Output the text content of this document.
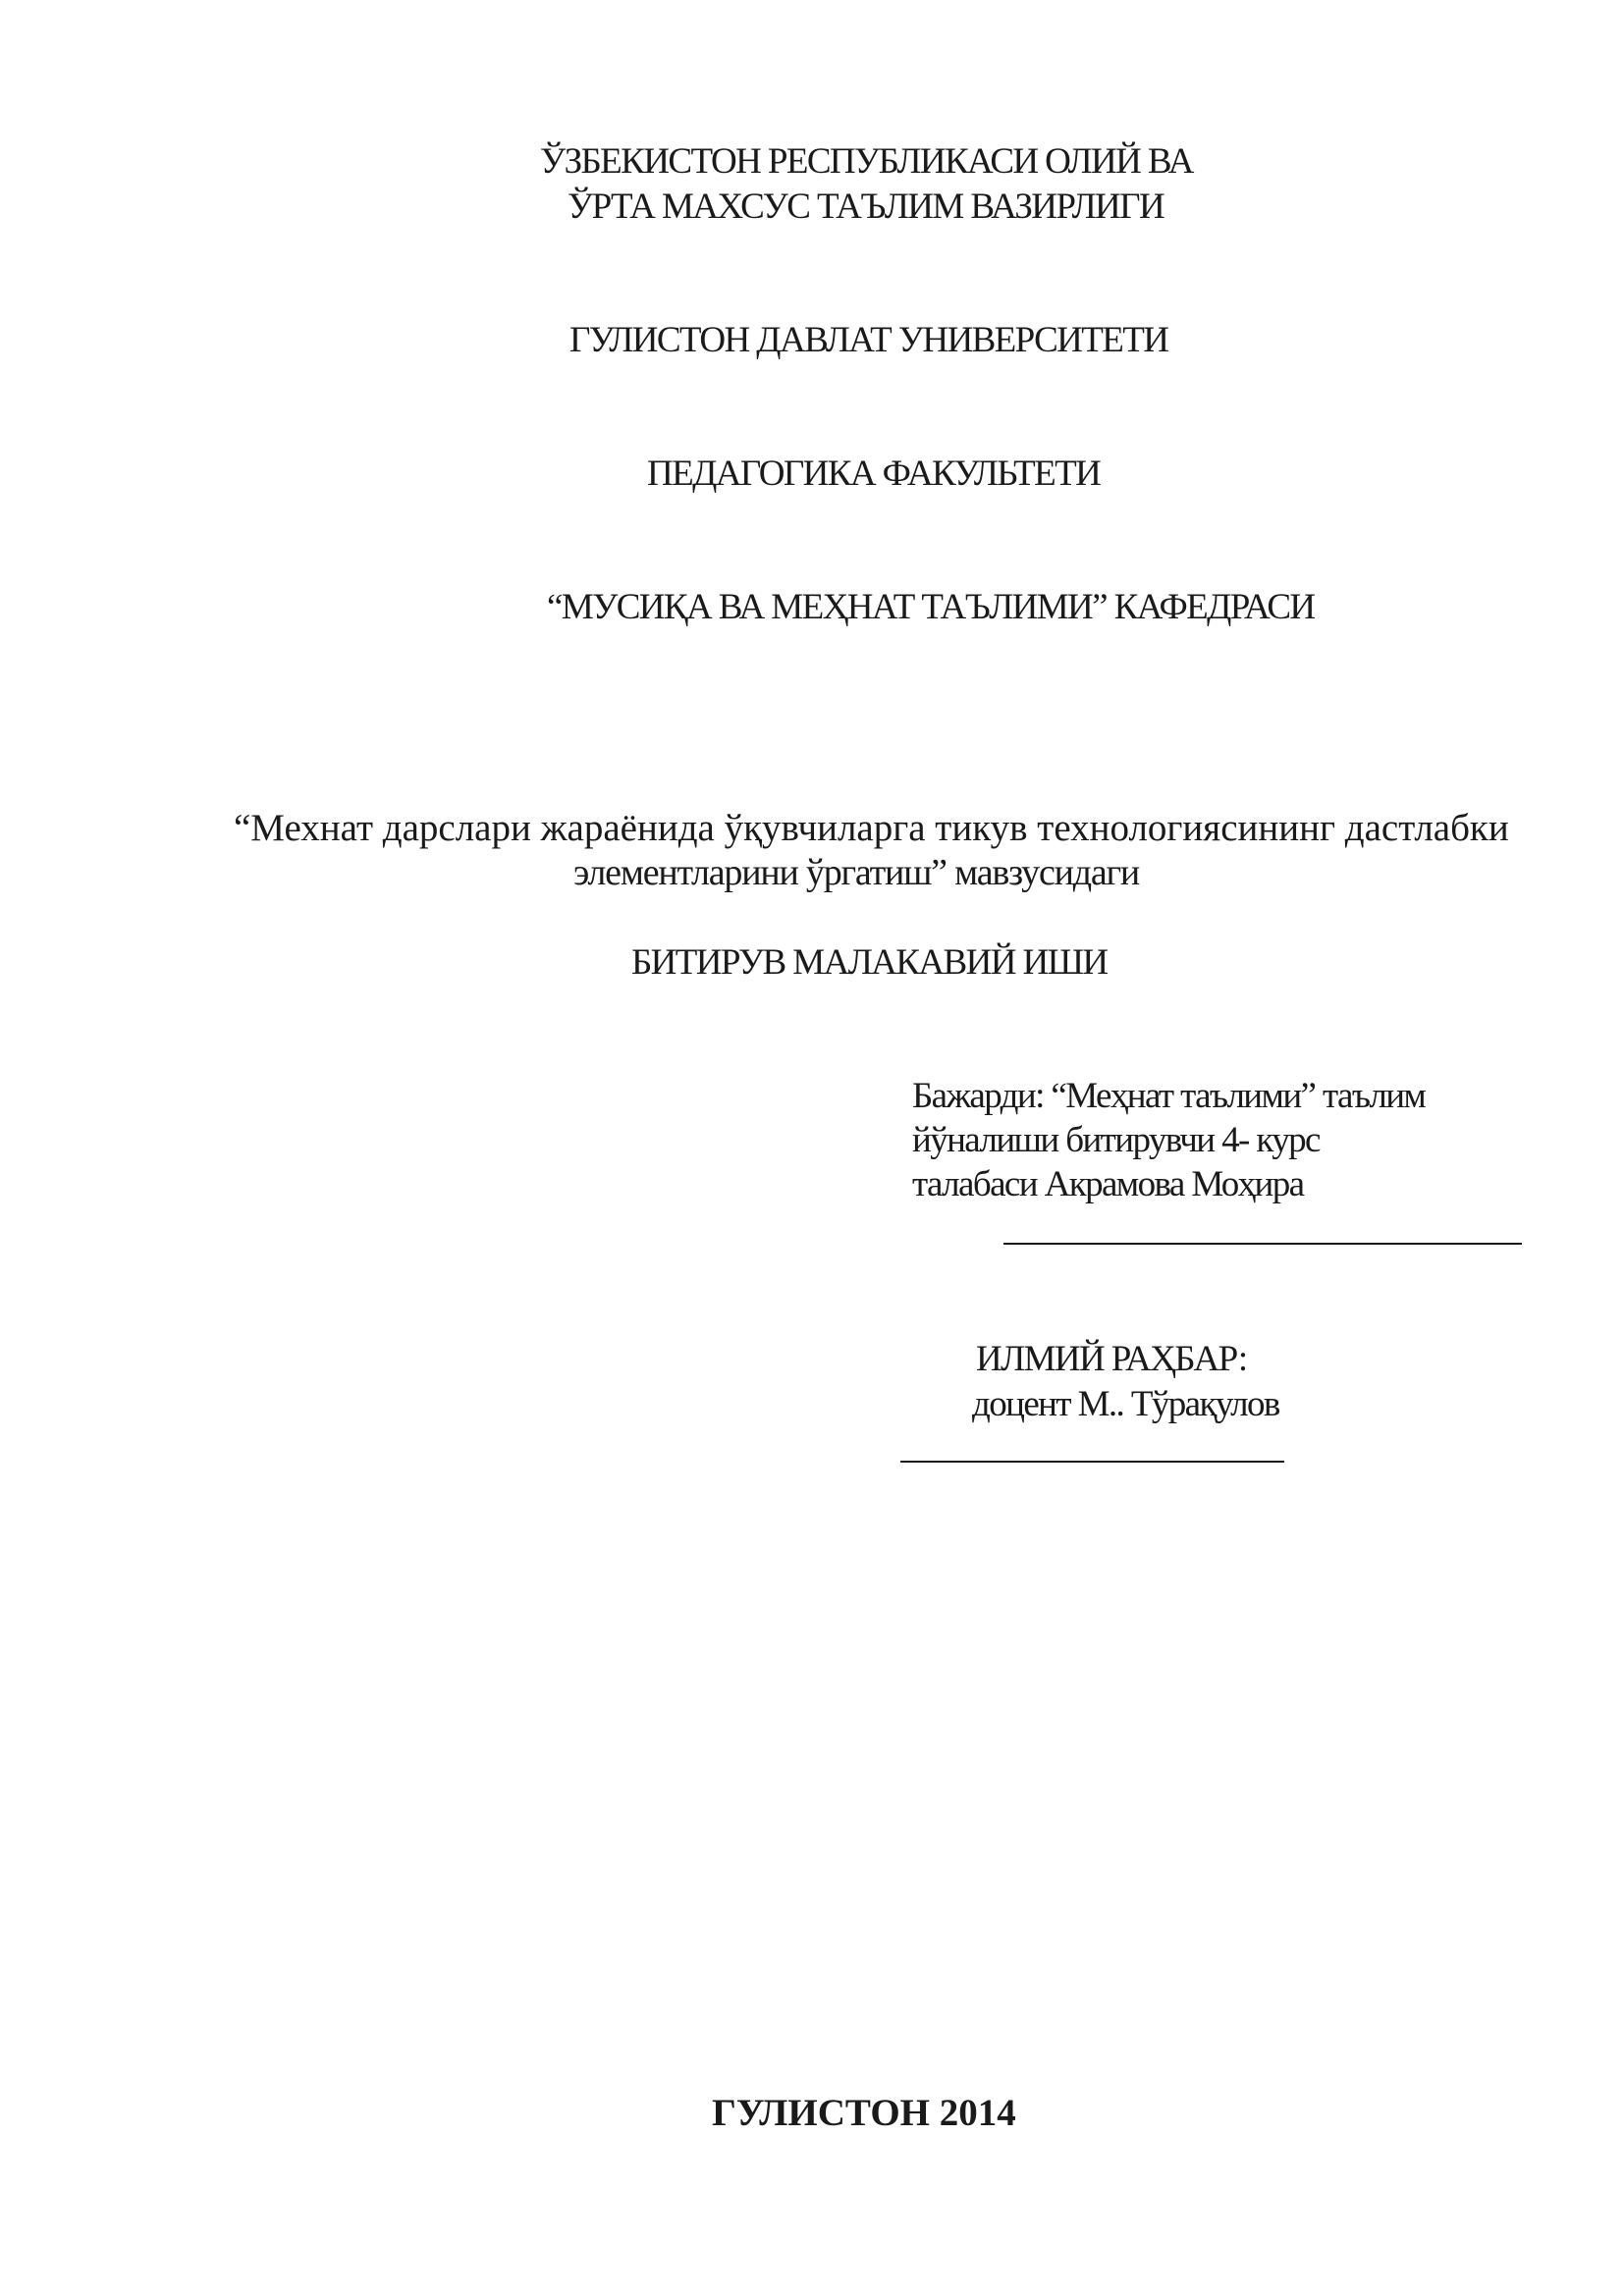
ЎЗБЕКИСТОН РЕСПУБЛИКАСИ ОЛИЙ ВА
ЎРТА МАХСУС ТАЪЛИМ ВАЗИРЛИГИ
ГУЛИСТОН ДАВЛАТ УНИВЕРСИТЕТИ
ПЕДАГОГИКА ФАКУЛЬТЕТИ
“МУСИҚА ВА МЕҲНАТ ТАЪЛИМИ” КАФЕДРАСИ
“Мехнат дарслари жараёнида ўқувчиларга тикув технологиясининг дастлабки
элементларини ўргатиш” мавзусидаги
БИТИРУВ МАЛАКАВИЙ ИШИ
Бажарди: “Меҳнат таълими” таълим
йўналиши битирувчи 4- курс
талабаси Акрамова Моҳира
ИЛМИЙ РАҲБАР:
доцент М.. Тўрақулов
ГУЛИСТОН 2014
